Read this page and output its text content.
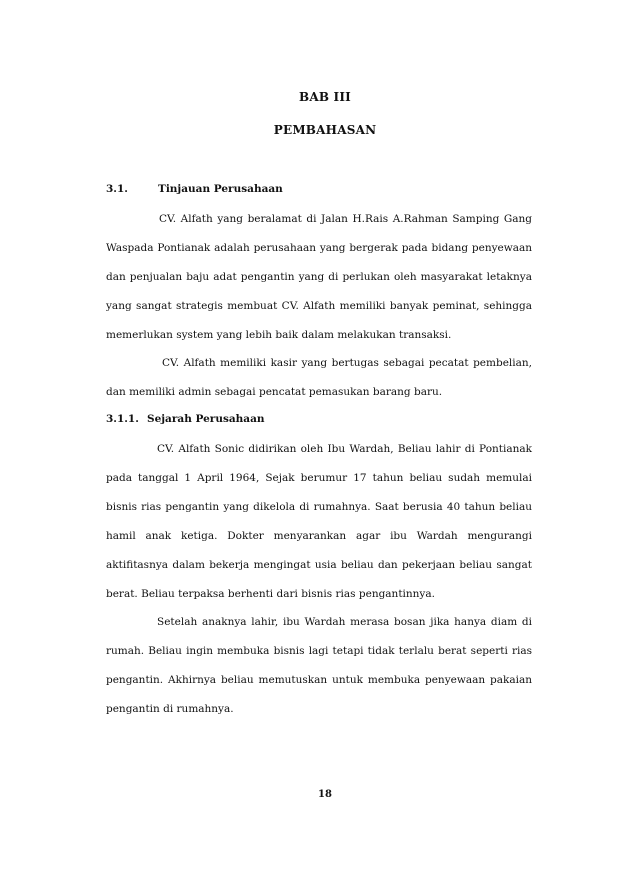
BAB III
PEMBAHASAN
3.1.	Tinjauan Perusahaan
CV. Alfath yang beralamat di Jalan H.Rais A.Rahman Samping Gang Waspada Pontianak adalah perusahaan yang bergerak pada bidang penyewaan dan penjualan baju adat pengantin yang di perlukan oleh masyarakat letaknya yang sangat strategis membuat CV. Alfath memiliki banyak peminat, sehingga memerlukan system yang lebih baik dalam melakukan transaksi.
CV. Alfath memiliki kasir yang bertugas sebagai pecatat pembelian, dan memiliki admin sebagai pencatat pemasukan barang baru.
3.1.1. Sejarah Perusahaan
CV. Alfath Sonic didirikan oleh Ibu Wardah, Beliau lahir di Pontianak pada tanggal 1 April 1964, Sejak berumur 17 tahun beliau sudah memulai bisnis rias pengantin yang dikelola di rumahnya. Saat berusia 40 tahun beliau hamil anak ketiga. Dokter menyarankan agar ibu Wardah mengurangi aktifitasnya dalam bekerja mengingat usia beliau dan pekerjaan beliau sangat berat. Beliau terpaksa berhenti dari bisnis rias pengantinnya.
Setelah anaknya lahir, ibu Wardah merasa bosan jika hanya diam di rumah. Beliau ingin membuka bisnis lagi tetapi tidak terlalu berat seperti rias pengantin. Akhirnya beliau memutuskan untuk membuka penyewaan pakaian pengantin di rumahnya.
18
